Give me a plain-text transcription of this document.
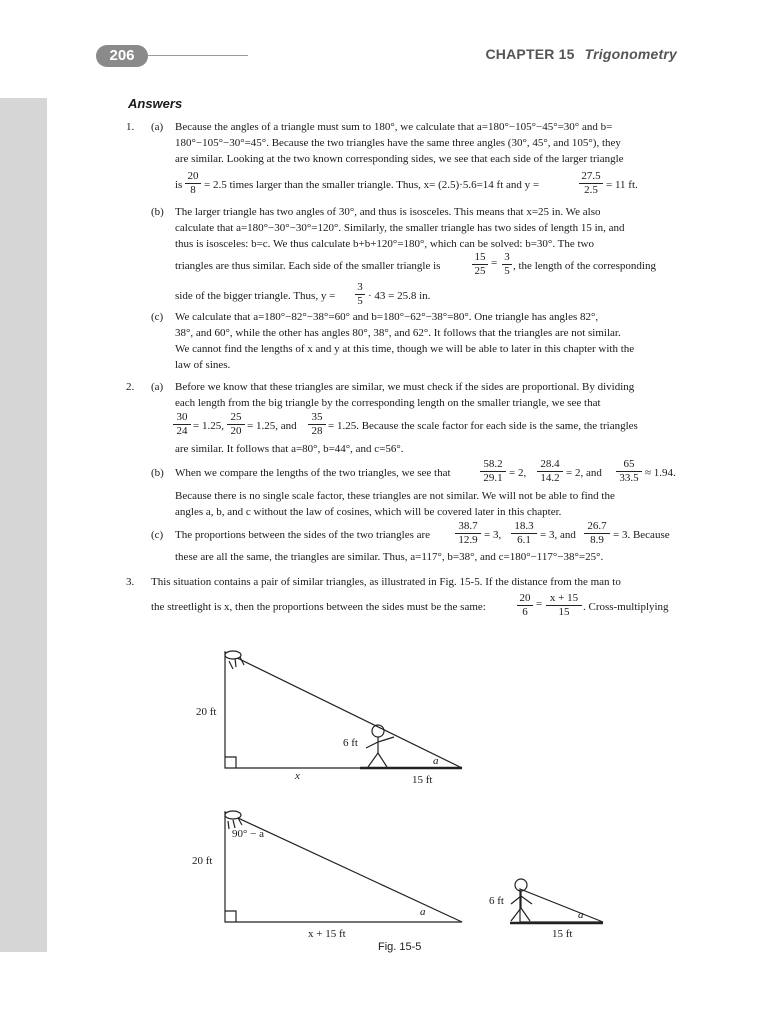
206	CHAPTER 15 Trigonometry
Answers
1. (a) Because the angles of a triangle must sum to 180°, we calculate that a=180°−105°−45°=30° and b=
180°−105°−30°=45°. Because the two triangles have the same three angles (30°, 45°, and 105°), they
are similar. Looking at the two known corresponding sides, we see that each side of the larger triangle
is $\frac{20}{8} = 2.5$ times larger than the smaller triangle. Thus, x= (2.5)·5.6=14 ft and y =	$\frac{27.5}{2.5} = 11$ ft.
(b) The larger triangle has two angles of 30°, and thus is isosceles. This means that x=25 in. We also
calculate that a=180°−30°−30°=120°. Similarly, the smaller triangle has two sides of length 15 in, and
thus is isosceles: b=c. We thus calculate b+b+120°=180°, which can be solved: b=30°. The two
triangles are thus similar. Each side of the smaller triangle is	$\frac{15}{25} = \frac{3}{5}$ , the length of the corresponding
side of the bigger triangle. Thus, $y = \frac{3}{5} \cdot 43 = 25.8$ in.
(c) We calculate that a=180°−82°−38°=60° and b=180°−62°−38°=80°. One triangle has angles 82°,
38°, and 60°, while the other has angles 80°, 38°, and 62°. It follows that the triangles are not similar.
We cannot find the lengths of x and y at this time, though we will be able to later in this chapter with the
law of sines.
2. (a) Before we know that these triangles are similar, we must check if the sides are proportional. By dividing
each length from the big triangle by the corresponding length on the smaller triangle, we see that
$\frac{30}{24} = 1.25$, $\frac{25}{20} = 1.25$, and $\frac{35}{28} = 1.25$. Because the scale factor for each side is the same, the triangles
are similar. It follows that a=80°, b=44°, and c=56°.
(b) When we compare the lengths of the two triangles, we see that	$\frac{58.2}{29.1} = 2$, $\frac{28.4}{14.2} = 2$, and $\frac{65}{33.5} \approx 1.94$.
Because there is no single scale factor, these triangles are not similar. We will not be able to find the
angles a, b, and c without the law of cosines, which will be covered later in this chapter.
(c) The proportions between the sides of the two triangles are $\frac{38.7}{12.9} = 3$, $\frac{18.3}{6.1} = 3$, and $\frac{26.7}{8.9} = 3$. Because
these are all the same, the triangles are similar. Thus, a=117°, b=38°, and c=180°−117°−38°=25°.
3. This situation contains a pair of similar triangles, as illustrated in Fig. 15-5. If the distance from the man to
the streetlight is x, then the proportions between the sides must be the same:	$\frac{20}{6} = \frac{x + 15}{15}$ . Cross-multiplying
20 ft
6 ft
a
x	15 ft
90° − a
20 ft
a
x + 15 ft
6 ft
a
15 ft
Fig. 15-5
